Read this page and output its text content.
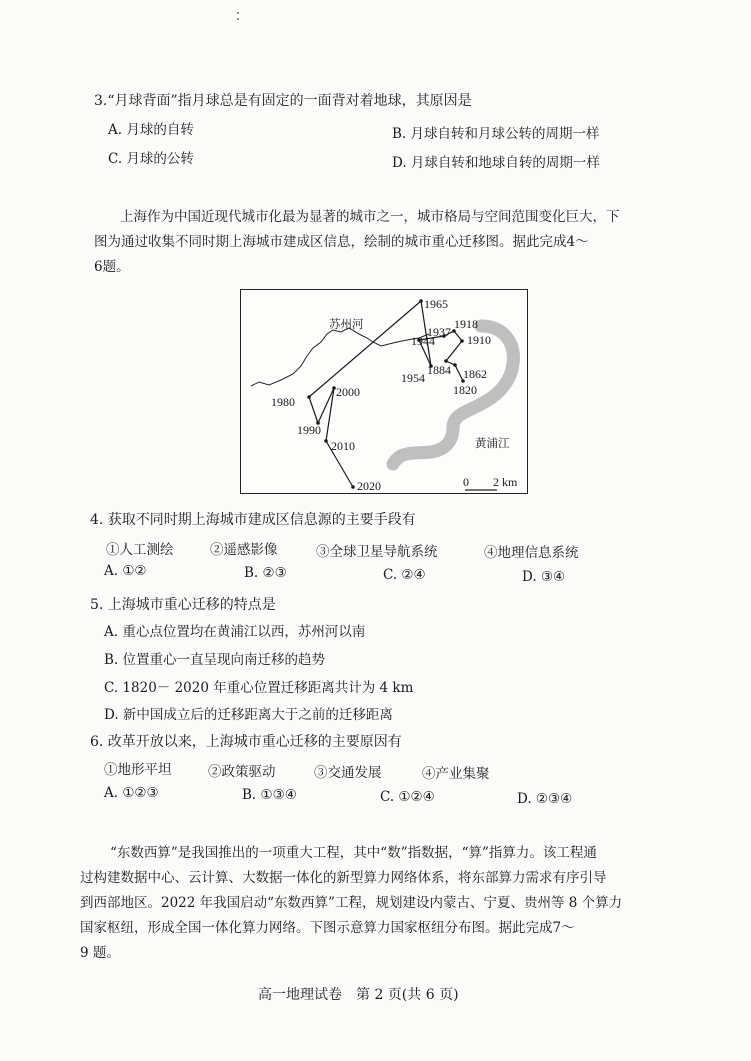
3.“月球背面”指月球总是有固定的一面背对着地球，其原因是
A. 月球的自转	B. 月球自转和月球公转的周期一样
C. 月球的公转	D. 月球自转和地球自转的周期一样
上海作为中国近现代城市化最为显著的城市之一，城市格局与空间范围变化巨大，下
图为通过收集不同时期上海城市建成区信息，绘制的城市重心迁移图。据此完成4～
6题。
苏州河
黄浦江
0 2 km
1820
1862
1884
1910
1918
1937
1944
1954
1965
1980
1990
2000
2010
2020
4. 获取不同时期上海城市建成区信息源的主要手段有
①人工测绘	②遥感影像	③全球卫星导航系统	④地理信息系统
A. ①②	B. ②③	C. ②④	D. ③④
5. 上海城市重心迁移的特点是
A. 重心点位置均在黄浦江以西，苏州河以南
B. 位置重心一直呈现向南迁移的趋势
C. 1820－ 2020 年重心位置迁移距离共计为 4 km
D. 新中国成立后的迁移距离大于之前的迁移距离
6. 改革开放以来，上海城市重心迁移的主要原因有
①地形平坦	②政策驱动	③交通发展	④产业集聚
A. ①②③	B. ①③④	C. ①②④	D. ②③④
“东数西算”是我国推出的一项重大工程，其中“数”指数据，“算”指算力。该工程通
过构建数据中心、云计算、大数据一体化的新型算力网络体系，将东部算力需求有序引导
到西部地区。2022 年我国启动“东数西算”工程，规划建设内蒙古、宁夏、贵州等 8 个算力
国家枢纽，形成全国一体化算力网络。下图示意算力国家枢纽分布图。据此完成7～
9 题。
高一地理试卷　第 2 页(共 6 页)
